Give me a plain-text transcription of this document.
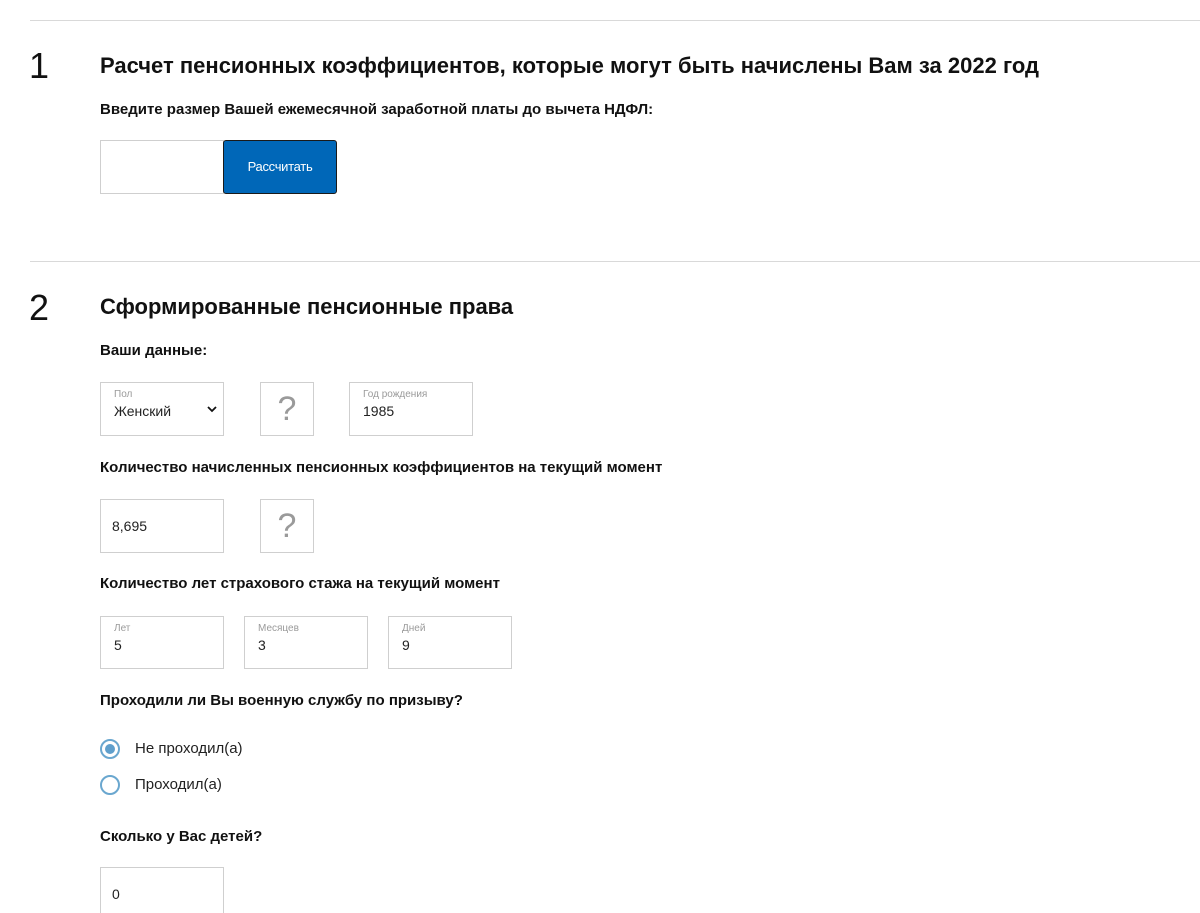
1 Расчет пенсионных коэффициентов, которые могут быть начислены Вам за 2022 год
Введите размер Вашей ежемесячной заработной платы до вычета НДФЛ:
Рассчитать
2 Сформированные пенсионные права
Ваши данные:
Пол
Женский	?	Год рождения
1985
Количество начисленных пенсионных коэффициентов на текущий момент
8,695	?
Количество лет страхового стажа на текущий момент
Лет
5
Месяцев
3
Дней
9
Проходили ли Вы военную службу по призыву?
Не проходил(а)
Проходил(а)
Сколько у Вас детей?
0
